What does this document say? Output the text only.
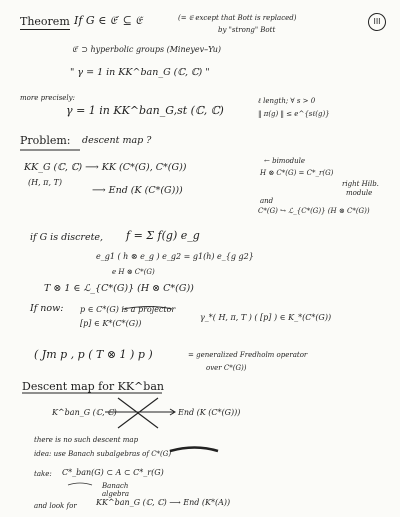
III
Theorem If G ∈ 𝔈′ ⊆ 𝔈	(= 𝔈 except that Bott is replaced)
by "strong" Bott
𝔈′ ⊃ hyperbolic groups (Mineyev–Yu)
" γ = 1 in KK^ban_G (ℂ, ℂ) "
more precisely:
γ = 1 in KK^ban_G,st (ℂ, ℂ)
ℓ length; ∀ s > 0
‖ π(g) ‖ ≤ e^{sℓ(g)}
Problem: descent map ?
KK_G (ℂ, ℂ) ⟶ KK (C*(G), C*(G))
← bimodule
H ⊗ C*(G) = C*_r(G)
right Hilb.
module
(H, π, T)
⟶ End (K (C*(G)))
and
C*(G) ↪ ℒ_{C*(G)} (H ⊗ C*(G))
if G is discrete, f = Σ f(g) e_g
e_g1 ( h ⊗ e_g ) e_g2 = g1(h) e_{g g2}
e H ⊗ C*(G)
T ⊗ 1 ∈ ℒ_{C*(G)} (H ⊗ C*(G))
If now: p ∈ C*(G) is a projector
[p] ∈ K*(C*(G))
γ_*( H, π, T ) ( [p] ) ∈ K_*(C*(G))
( Jm p , p ( T ⊗ 1 ) p )	= generalized Fredholm operator
over C*(G))
Descent map for KK^ban
K^ban_G (ℂ, ℂ)	End (K (C*(G)))
there is no such descent map
idea: use Banach subalgebras of C*(G)
take: C*_ban(G) ⊂ A ⊂ C*_r(G)
Banach
algebra
and look for KK^ban_G (ℂ, ℂ) ⟶ End (K*(A))
